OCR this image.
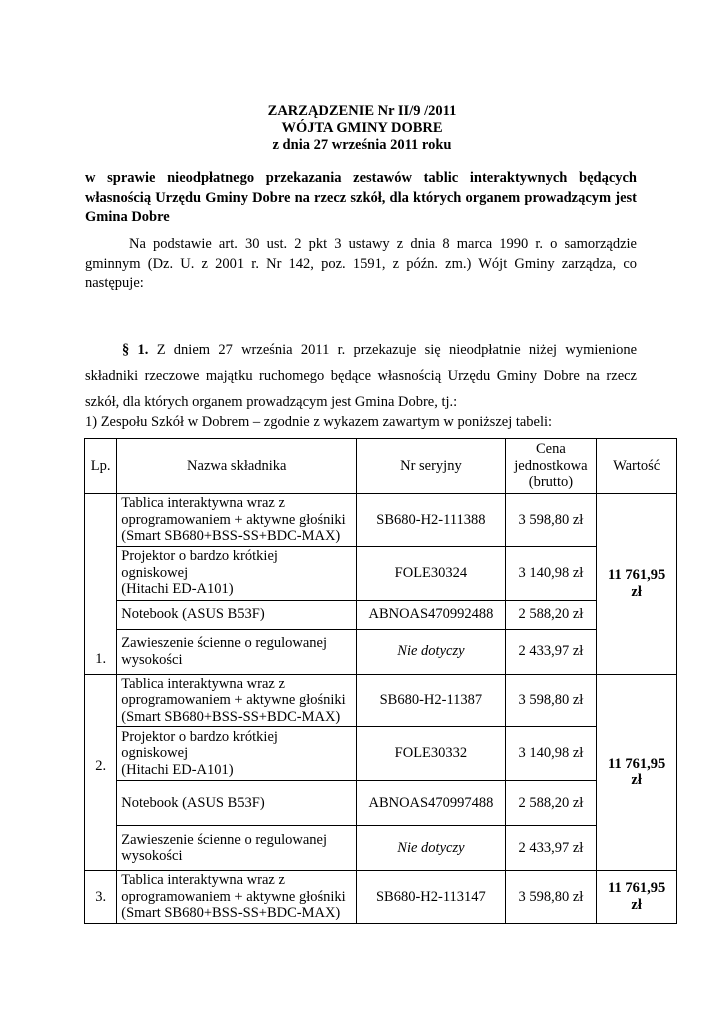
ZARZĄDZENIE Nr II/9 /2011
WÓJTA GMINY DOBRE
z dnia 27 września 2011 roku
w sprawie nieodpłatnego przekazania zestawów tablic interaktywnych będących własnością Urzędu Gminy Dobre na rzecz szkół, dla których organem prowadzącym jest Gmina Dobre
Na podstawie art. 30 ust. 2 pkt 3 ustawy z dnia 8 marca 1990 r. o samorządzie gminnym (Dz. U. z 2001 r. Nr 142, poz. 1591, z późn. zm.) Wójt Gminy zarządza, co następuje:
§ 1. Z dniem 27 września 2011 r. przekazuje się nieodpłatnie niżej wymienione składniki rzeczowe majątku ruchomego będące własnością Urzędu Gminy Dobre na rzecz szkół, dla których organem prowadzącym jest Gmina Dobre, tj.:
1) Zespołu Szkół w Dobrem – zgodnie z wykazem zawartym w poniższej tabeli:
Lp.	Nazwa składnika	Nr seryjny	Cena jednostkowa (brutto)	Wartość
1.	Tablica interaktywna wraz z
oprogramowaniem + aktywne głośniki
(Smart SB680+BSS-SS+BDC-MAX)	SB680-H2-111388	3 598,80 zł	11 761,95 zł
	Projektor o bardzo krótkiej
ogniskowej
(Hitachi ED-A101)	FOLE30324	3 140,98 zł	
	Notebook (ASUS B53F)	ABNOAS470992488	2 588,20 zł	
	Zawieszenie ścienne o regulowanej
wysokości	Nie dotyczy	2 433,97 zł	
2.	Tablica interaktywna wraz z
oprogramowaniem + aktywne głośniki
(Smart SB680+BSS-SS+BDC-MAX)	SB680-H2-11387	3 598,80 zł	11 761,95 zł
	Projektor o bardzo krótkiej
ogniskowej
(Hitachi ED-A101)	FOLE30332	3 140,98 zł	
	Notebook (ASUS B53F)	ABNOAS470997488	2 588,20 zł	
	Zawieszenie ścienne o regulowanej
wysokości	Nie dotyczy	2 433,97 zł	
3.	Tablica interaktywna wraz z
oprogramowaniem + aktywne głośniki
(Smart SB680+BSS-SS+BDC-MAX)	SB680-H2-113147	3 598,80 zł	11 761,95 zł
